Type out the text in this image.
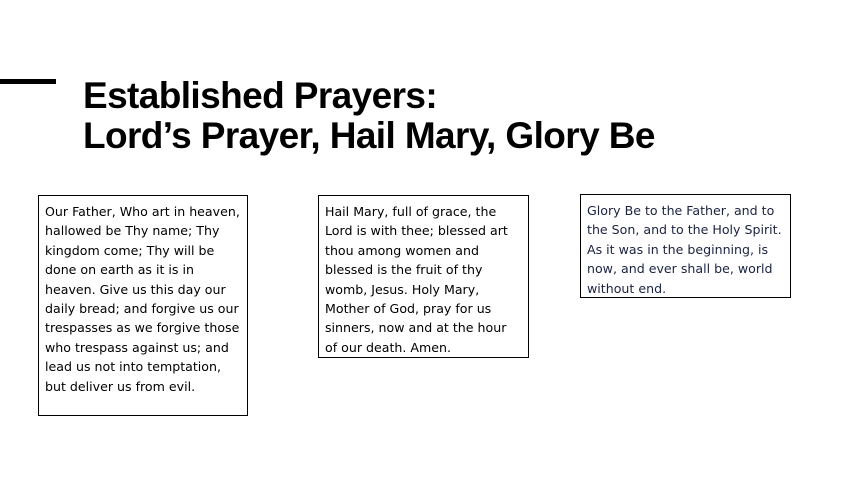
Established Prayers:
Lord’s Prayer, Hail Mary, Glory Be

Our Father, Who art in heaven, hallowed be Thy name; Thy kingdom come; Thy will be done on earth as it is in heaven. Give us this day our daily bread; and forgive us our trespasses as we forgive those who trespass against us; and lead us not into temptation, but deliver us from evil.

Hail Mary, full of grace, the Lord is with thee; blessed art thou among women and blessed is the fruit of thy womb, Jesus. Holy Mary, Mother of God, pray for us sinners, now and at the hour of our death. Amen.

Glory Be to the Father, and to the Son, and to the Holy Spirit. As it was in the beginning, is now, and ever shall be, world without end.
